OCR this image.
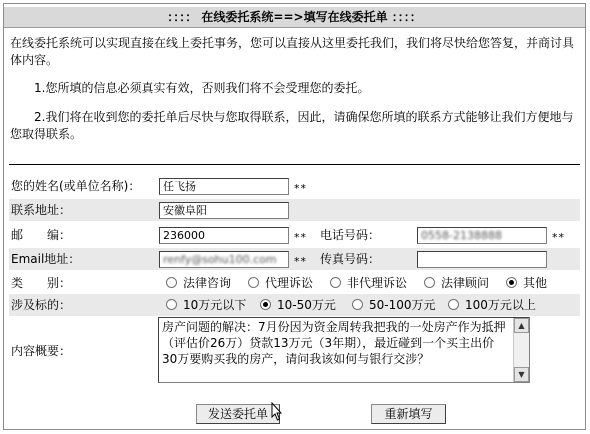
：：：： 在线委托系统==>填写在线委托单 ：：：：
在线委托系统可以实现直接在线上委托事务，您可以直接从这里委托我们，我们将尽快给您答复，并商讨具体内容。
1.您所填的信息必须真实有效，否则我们将不会受理您的委托。
2.我们将在收到您的委托单后尽快与您取得联系，因此，请确保您所填的联系方式能够让我们方便地与您取得联系。
您的姓名(或单位名称)：	任飞扬	**
联系地址：	安徽阜阳
邮　　编：	236000	** 电话号码：	0558-2138888	**
Email地址：	renfy@sohu100.com	** 传真号码：
类　　别：	法律咨询	代理诉讼	非代理诉讼	法律顾问	其他
涉及标的：	10万元以下	10-50万元	50-100万元 100万元以上
内容概要：
房产问题的解决：7月份因为资金周转我把我的一处房产作为抵押（评估价26万）贷款13万元（3年期），最近碰到一个买主出价30万要购买我的房产，请问我该如何与银行交涉？
▲
▼
发送委托单	重新填写
